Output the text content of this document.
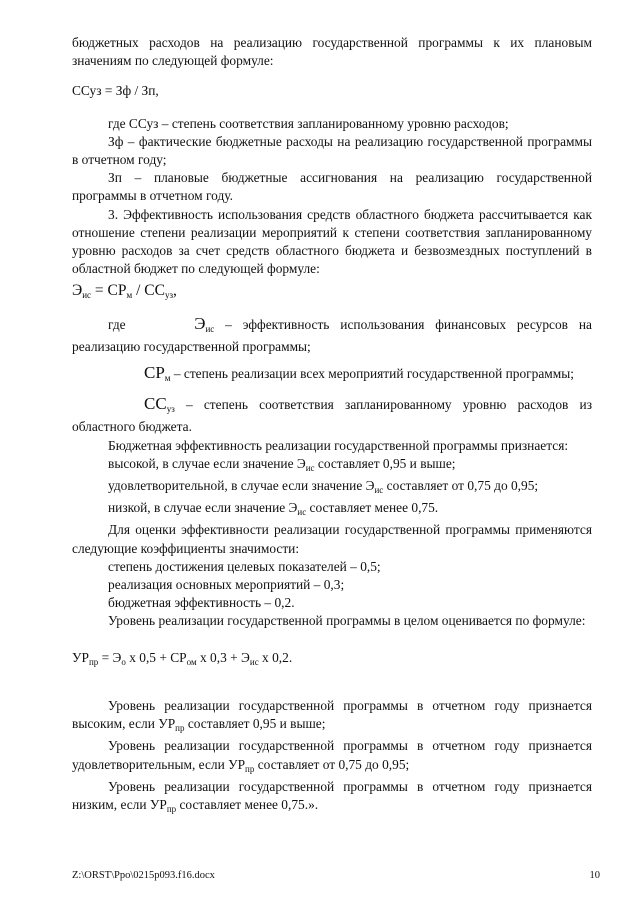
бюджетных расходов на реализацию государственной программы к их плановым значениям по следующей формуле:

ССуз = Зф / Зп,

где ССуз – степень соответствия запланированному уровню расходов;

Зф – фактические бюджетные расходы на реализацию государственной программы в отчетном году;

Зп – плановые бюджетные ассигнования на реализацию государственной программы в отчетном году.

3. Эффективность использования средств областного бюджета рассчитывается как отношение степени реализации мероприятий к степени соответствия запланированному уровню расходов за счет средств областного бюджета и безвозмездных поступлений в областной бюджет по следующей формуле:

$Э_{ис} = СР_м / СС_{уз}$,

где	$Э_{ис}$ – эффективность использования финансовых ресурсов на реализацию государственной программы;

$СР_м$ – степень реализации всех мероприятий государственной программы;

$СС_{уз}$ – степень соответствия запланированному уровню расходов из областного бюджета.

Бюджетная эффективность реализации государственной программы признается:

высокой, в случае если значение $Э_{ис}$ составляет 0,95 и выше;

удовлетворительной, в случае если значение $Э_{ис}$ составляет от 0,75 до 0,95;

низкой, в случае если значение $Э_{ис}$ составляет менее 0,75.

Для оценки эффективности реализации государственной программы применяются следующие коэффициенты значимости:

степень достижения целевых показателей – 0,5;

реализация основных мероприятий – 0,3;

бюджетная эффективность – 0,2.

Уровень реализации государственной программы в целом оценивается по формуле:

$УР_{пр} = Э_о$ х $0,5 + СР_{ом}$ х $0,3 + Э_{ис}$ х 0,2.

Уровень реализации государственной программы в отчетном году признается высоким, если $УР_{пр}$ составляет 0,95 и выше;

Уровень реализации государственной программы в отчетном году признается удовлетворительным, если $УР_{пр}$ составляет от 0,75 до 0,95;

Уровень реализации государственной программы в отчетном году признается низким, если $УР_{пр}$ составляет менее 0,75.».

Z:\ORST\Ppo\0215p093.f16.docx	10
